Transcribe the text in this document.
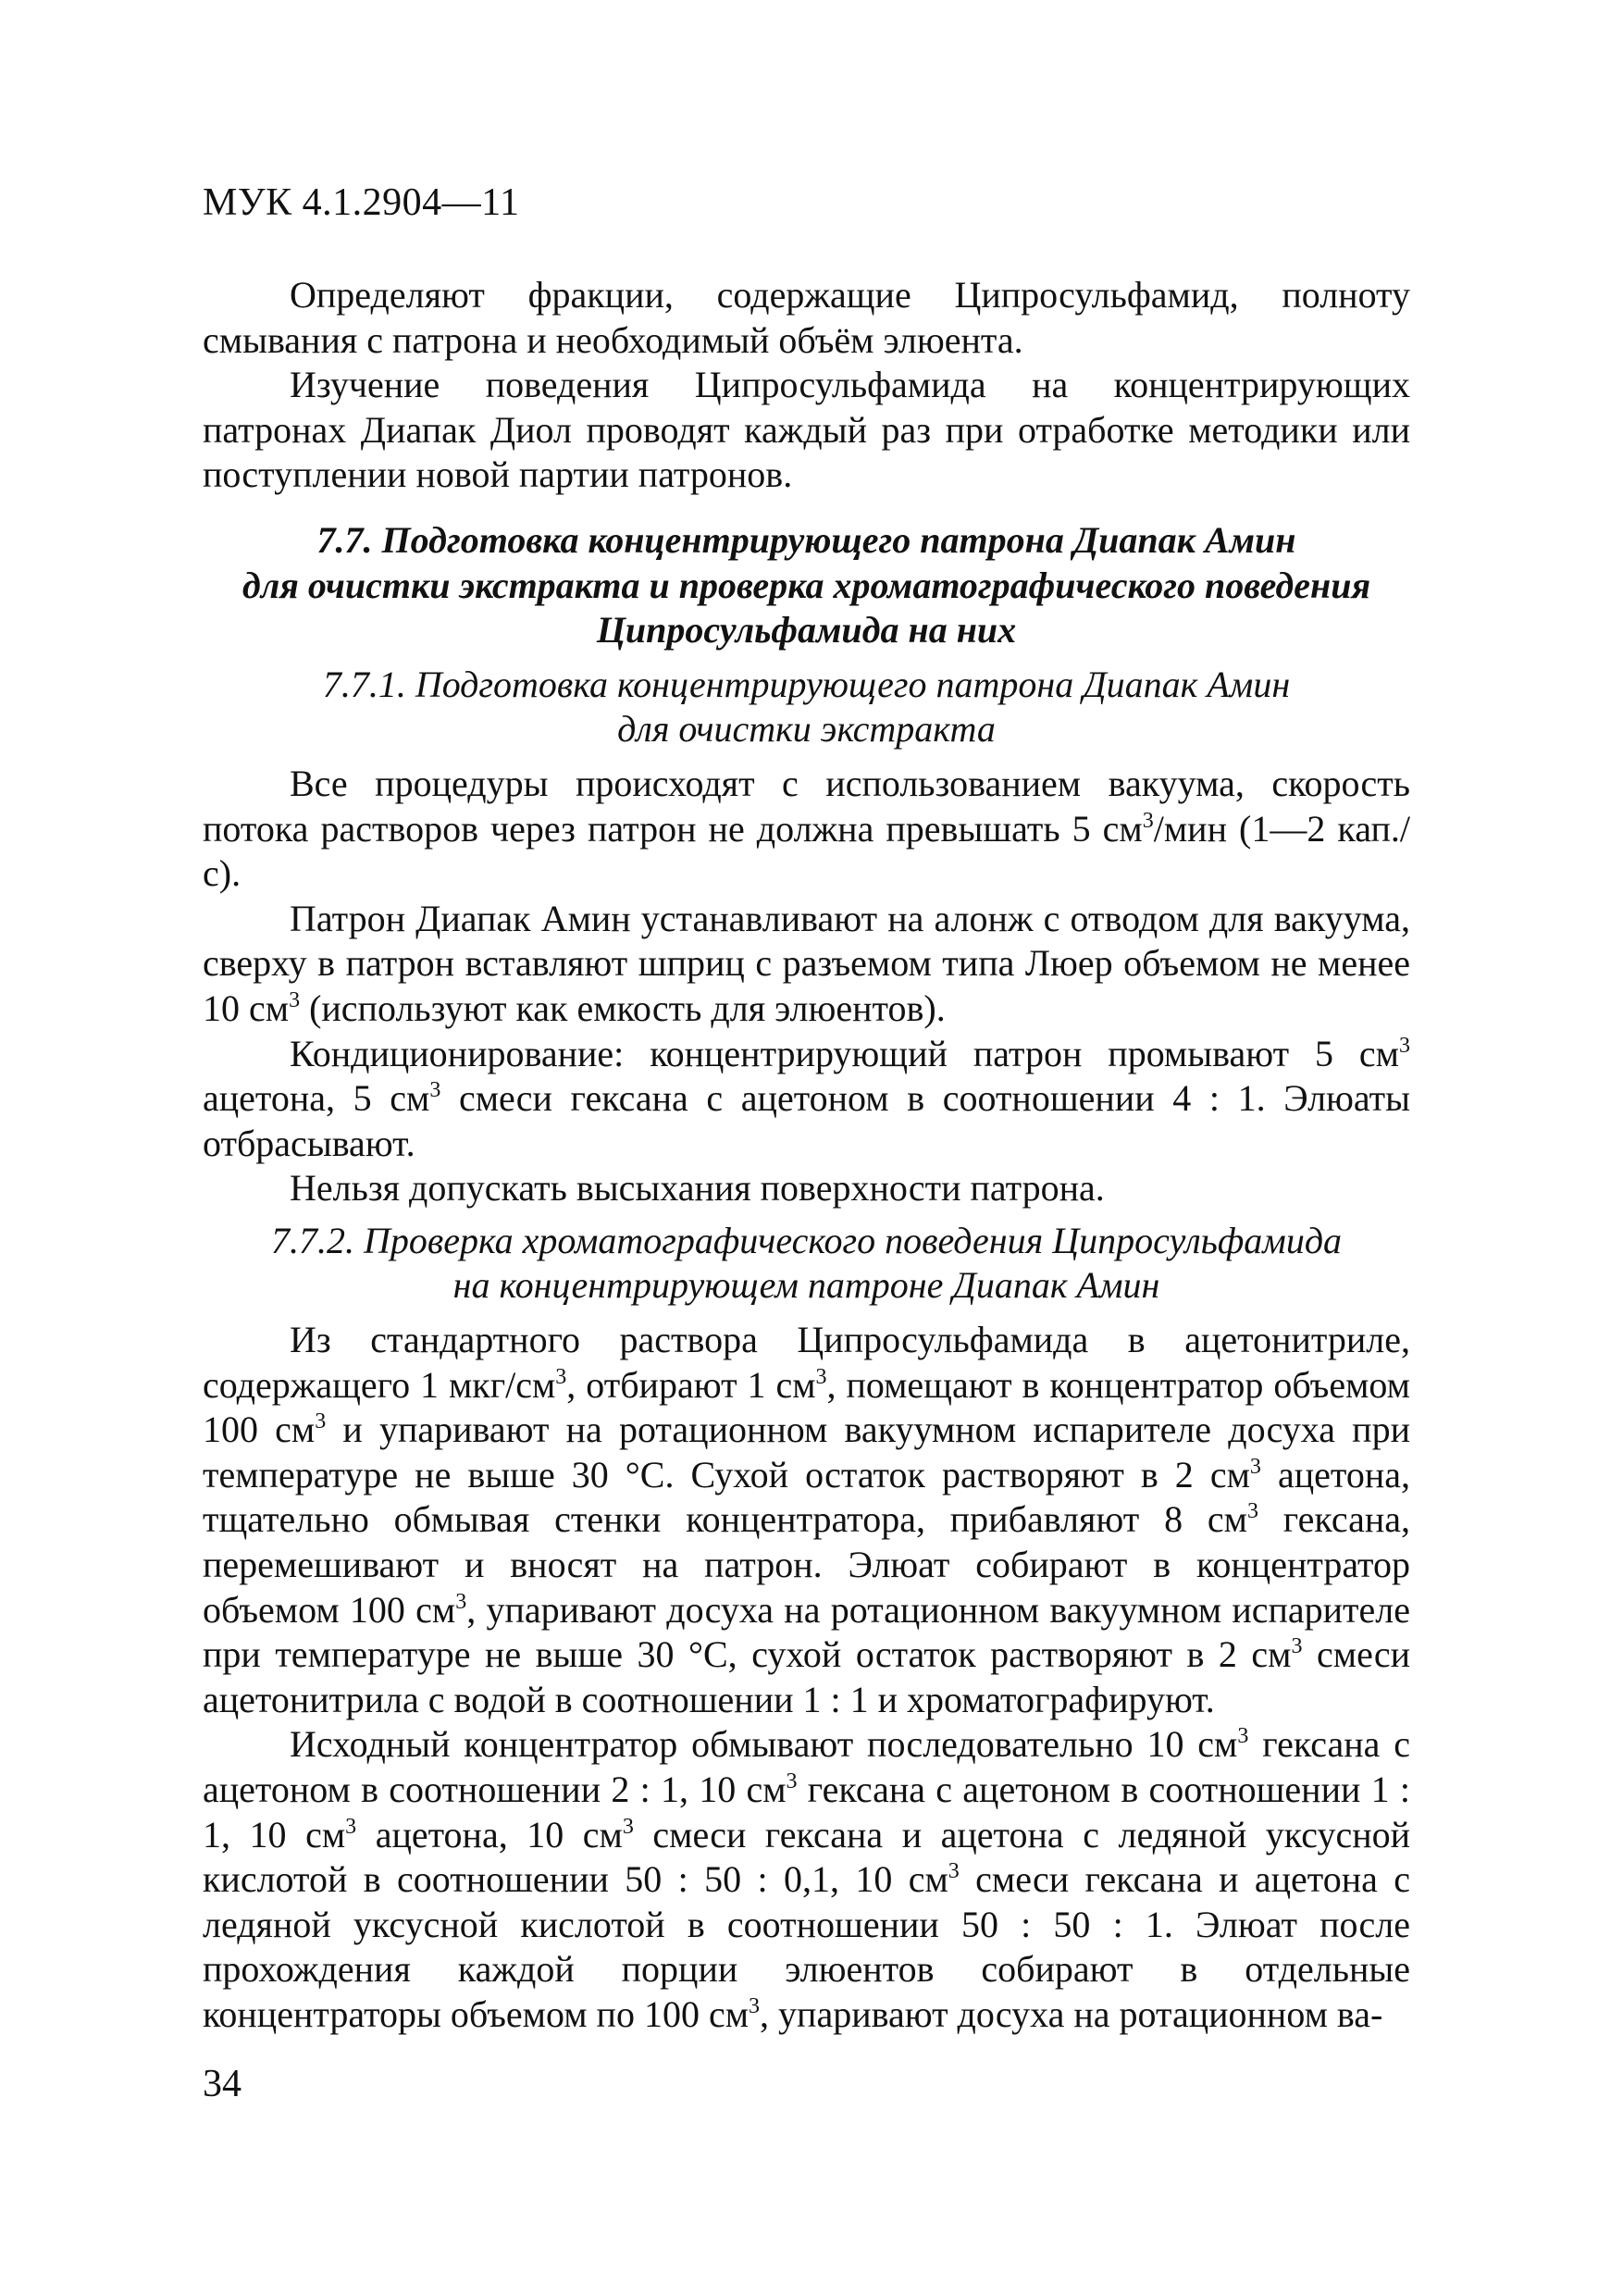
МУК 4.1.2904—11

Определяют фракции, содержащие Ципросульфамид, полноту смывания с патрона и необходимый объём элюента.

Изучение поведения Ципросульфамида на концентрирующих патронах Диапак Диол проводят каждый раз при отработке методики или поступлении новой партии патронов.

7.7. Подготовка концентрирующего патрона Диапак Амин
для очистки экстракта и проверка хроматографического поведения
Ципросульфамида на них
7.7.1. Подготовка концентрирующего патрона Диапак Амин
для очистки экстракта

Все процедуры происходят с использованием вакуума, скорость потока растворов через патрон не должна превышать 5 $см^3$/мин (1—2 кап./с).

Патрон Диапак Амин устанавливают на алонж с отводом для вакуума, сверху в патрон вставляют шприц с разъемом типа Люер объемом не менее 10 $см^3$ (используют как емкость для элюентов).

Кондиционирование: концентрирующий патрон промывают 5 $см^3$ ацетона, 5 $см^3$ смеси гексана с ацетоном в соотношении 4 : 1. Элюаты отбрасывают.

Нельзя допускать высыхания поверхности патрона.

7.7.2. Проверка хроматографического поведения Ципросульфамида
на концентрирующем патроне Диапак Амин

Из стандартного раствора Ципросульфамида в ацетонитриле, содержащего 1 мкг/$см^3$, отбирают 1 $см^3$, помещают в концентратор объемом 100 $см^3$ и упаривают на ротационном вакуумном испарителе досуха при температуре не выше 30 °С. Сухой остаток растворяют в 2 $см^3$ ацетона, тщательно обмывая стенки концентратора, прибавляют 8 $см^3$ гексана, перемешивают и вносят на патрон. Элюат собирают в концентратор объемом 100 $см^3$, упаривают досуха на ротационном вакуумном испарителе при температуре не выше 30 °С, сухой остаток растворяют в 2 $см^3$ смеси ацетонитрила с водой в соотношении 1 : 1 и хроматографируют.

Исходный концентратор обмывают последовательно 10 $см^3$ гексана с ацетоном в соотношении 2 : 1, 10 $см^3$ гексана с ацетоном в соотношении 1 : 1, 10 $см^3$ ацетона, 10 $см^3$ смеси гексана и ацетона с ледяной уксусной кислотой в соотношении 50 : 50 : 0,1, 10 $см^3$ смеси гексана и ацетона с ледяной уксусной кислотой в соотношении 50 : 50 : 1. Элюат после прохождения каждой порции элюентов собирают в отдельные концентраторы объемом по 100 $см^3$, упаривают досуха на ротационном ва-

34
